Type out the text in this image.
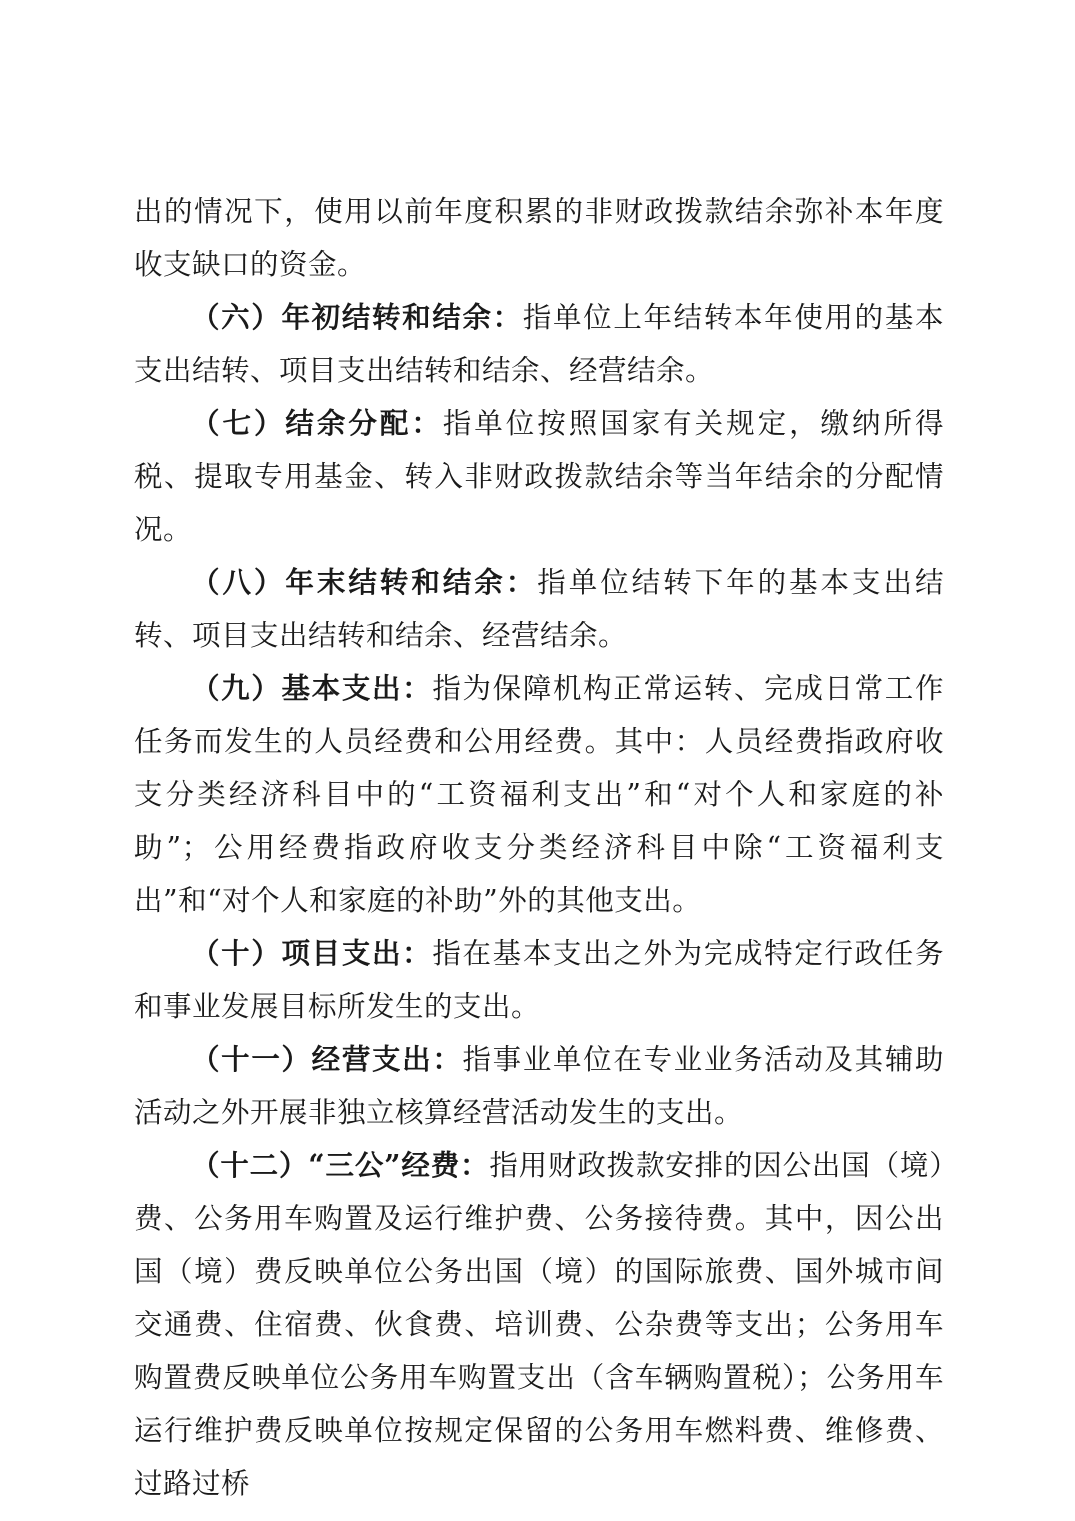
出的情况下，使用以前年度积累的非财政拨款结余弥补本年度收支缺口的资金。

（六）年初结转和结余：指单位上年结转本年使用的基本支出结转、项目支出结转和结余、经营结余。

（七）结余分配：指单位按照国家有关规定，缴纳所得税、提取专用基金、转入非财政拨款结余等当年结余的分配情况。

（八）年末结转和结余：指单位结转下年的基本支出结转、项目支出结转和结余、经营结余。

（九）基本支出：指为保障机构正常运转、完成日常工作任务而发生的人员经费和公用经费。其中：人员经费指政府收支分类经济科目中的“工资福利支出”和“对个人和家庭的补助”；公用经费指政府收支分类经济科目中除“工资福利支出”和“对个人和家庭的补助”外的其他支出。

（十）项目支出：指在基本支出之外为完成特定行政任务和事业发展目标所发生的支出。

（十一）经营支出：指事业单位在专业业务活动及其辅助活动之外开展非独立核算经营活动发生的支出。

（十二）“三公”经费：指用财政拨款安排的因公出国（境）费、公务用车购置及运行维护费、公务接待费。其中，因公出国（境）费反映单位公务出国（境）的国际旅费、国外城市间交通费、住宿费、伙食费、培训费、公杂费等支出；公务用车购置费反映单位公务用车购置支出（含车辆购置税）；公务用车运行维护费反映单位按规定保留的公务用车燃料费、维修费、过路过桥
